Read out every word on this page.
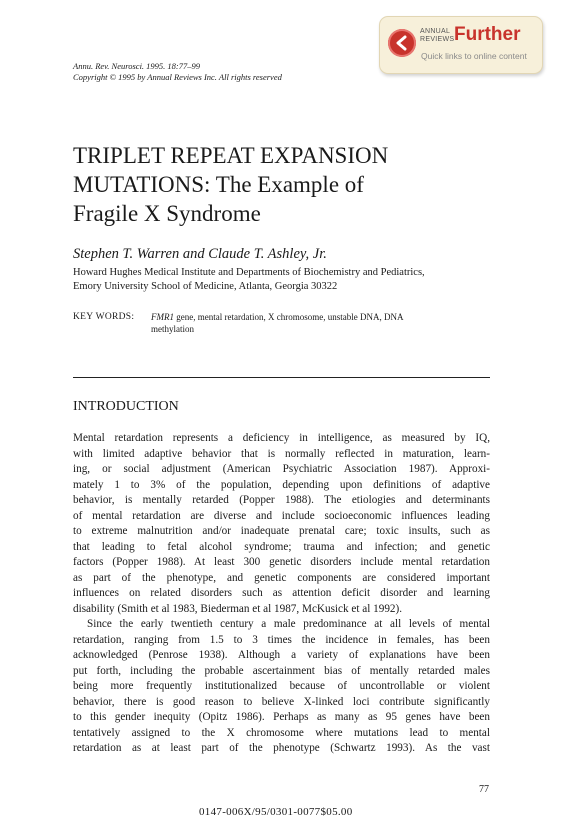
ANNUAL
REVIEWS Further
Quick links to online content
Annu. Rev. Neurosci. 1995. 18:77–99
Copyright © 1995 by Annual Reviews Inc. All rights reserved
TRIPLET REPEAT EXPANSION
MUTATIONS: The Example of
Fragile X Syndrome
Stephen T. Warren and Claude T. Ashley, Jr.
Howard Hughes Medical Institute and Departments of Biochemistry and Pediatrics,
Emory University School of Medicine, Atlanta, Georgia 30322
KEY WORDS: FMR1 gene, mental retardation, X chromosome, unstable DNA, DNA
methylation
INTRODUCTION
Mental retardation represents a deficiency in intelligence, as measured by IQ,
with limited adaptive behavior that is normally reflected in maturation, learn-
ing, or social adjustment (American Psychiatric Association 1987). Approxi-
mately 1 to 3% of the population, depending upon definitions of adaptive
behavior, is mentally retarded (Popper 1988). The etiologies and determinants
of mental retardation are diverse and include socioeconomic influences leading
to extreme malnutrition and/or inadequate prenatal care; toxic insults, such as
that leading to fetal alcohol syndrome; trauma and infection; and genetic
factors (Popper 1988). At least 300 genetic disorders include mental retardation
as part of the phenotype, and genetic components are considered important
influences on related disorders such as attention deficit disorder and learning
disability (Smith et al 1983, Biederman et al 1987, McKusick et al 1992).
Since the early twentieth century a male predominance at all levels of mental
retardation, ranging from 1.5 to 3 times the incidence in females, has been
acknowledged (Penrose 1938). Although a variety of explanations have been
put forth, including the probable ascertainment bias of mentally retarded males
being more frequently institutionalized because of uncontrollable or violent
behavior, there is good reason to believe X-linked loci contribute significantly
to this gender inequity (Opitz 1986). Perhaps as many as 95 genes have been
tentatively assigned to the X chromosome where mutations lead to mental
retardation as at least part of the phenotype (Schwartz 1993). As the vast
77
0147-006X/95/0301-0077$05.00
